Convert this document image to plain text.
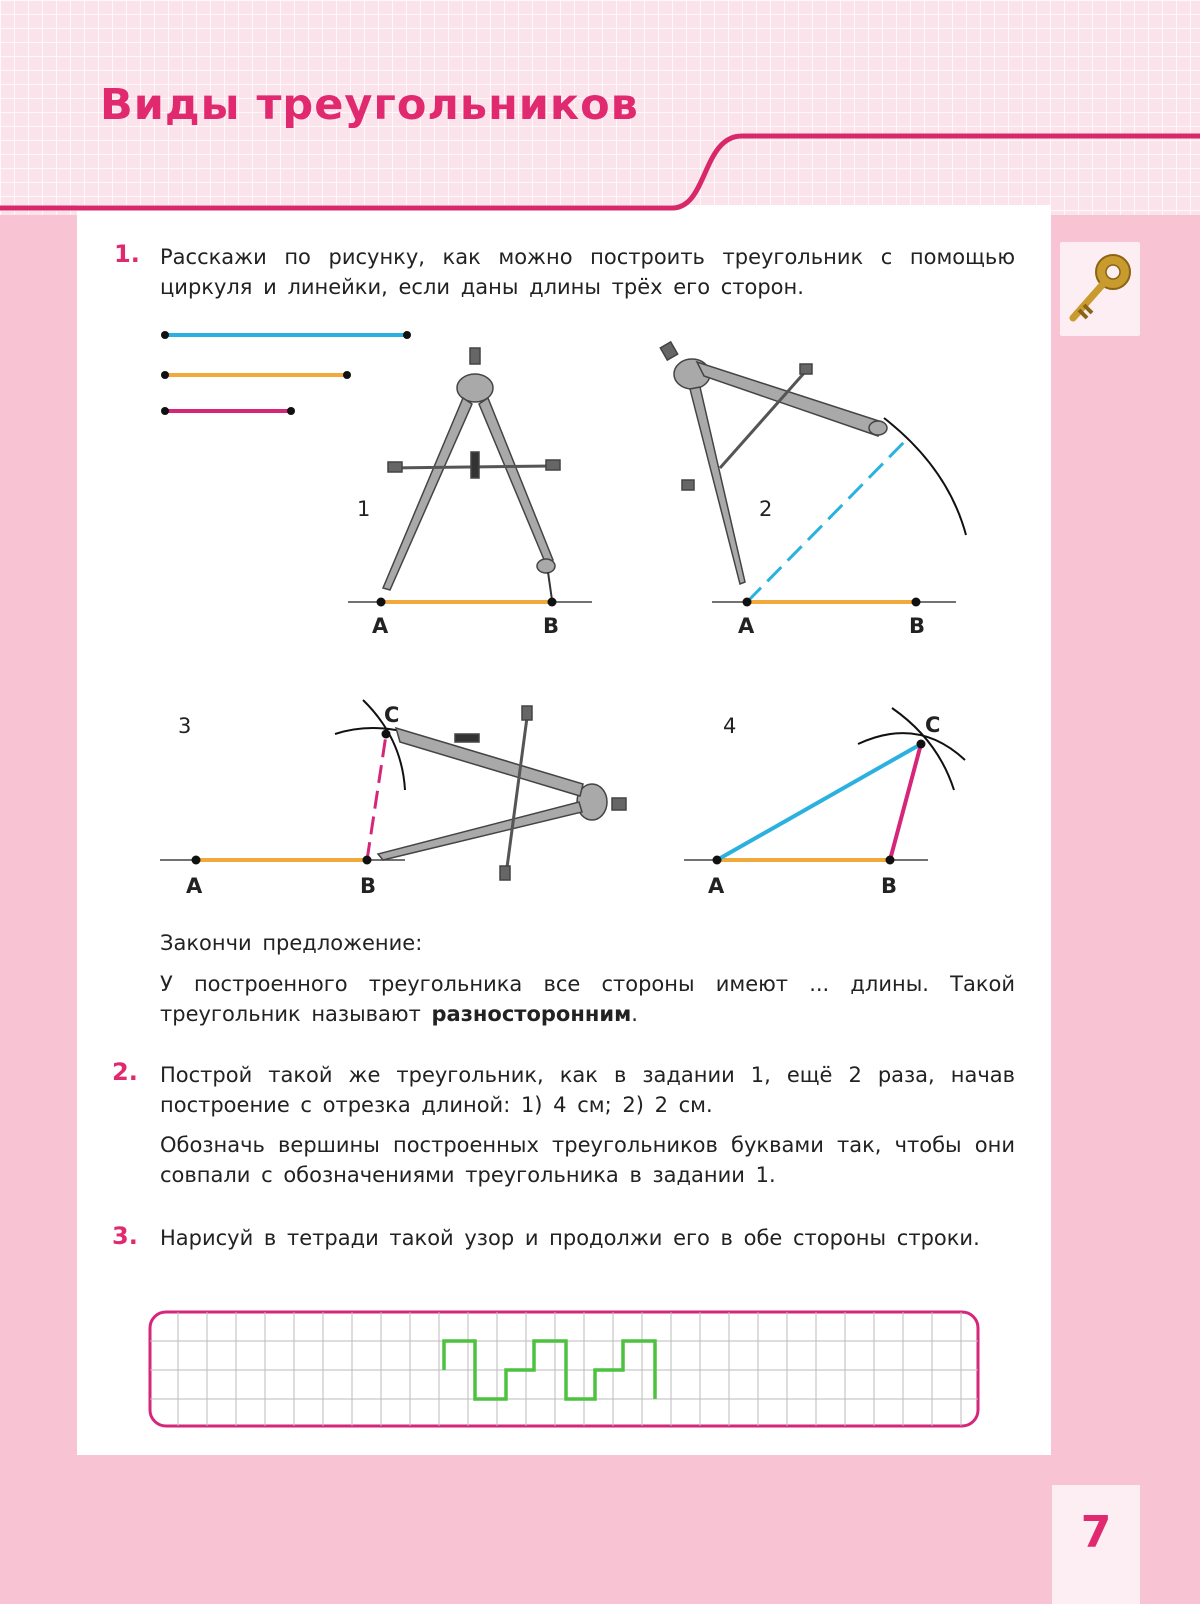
Виды треугольников
1. Расскажи по рисунку, как можно построить треугольник с помощью циркуля и линейки, если даны длины трёх его сторон.
1	2
3	4
A	B	A	B
A	B
C
A	B
C
Закончи предложение:
У построенного треугольника все стороны имеют ... длины. Такой треугольник называют разносторонним.
2. Построй такой же треугольник, как в задании 1, ещё 2 раза, начав построение с отрезка длиной: 1) 4 см; 2) 2 см.
Обозначь вершины построенных треугольников буквами так, чтобы они совпали с обозначениями треугольника в задании 1.
3. Нарисуй в тетради такой узор и продолжи его в обе стороны строки.
7
